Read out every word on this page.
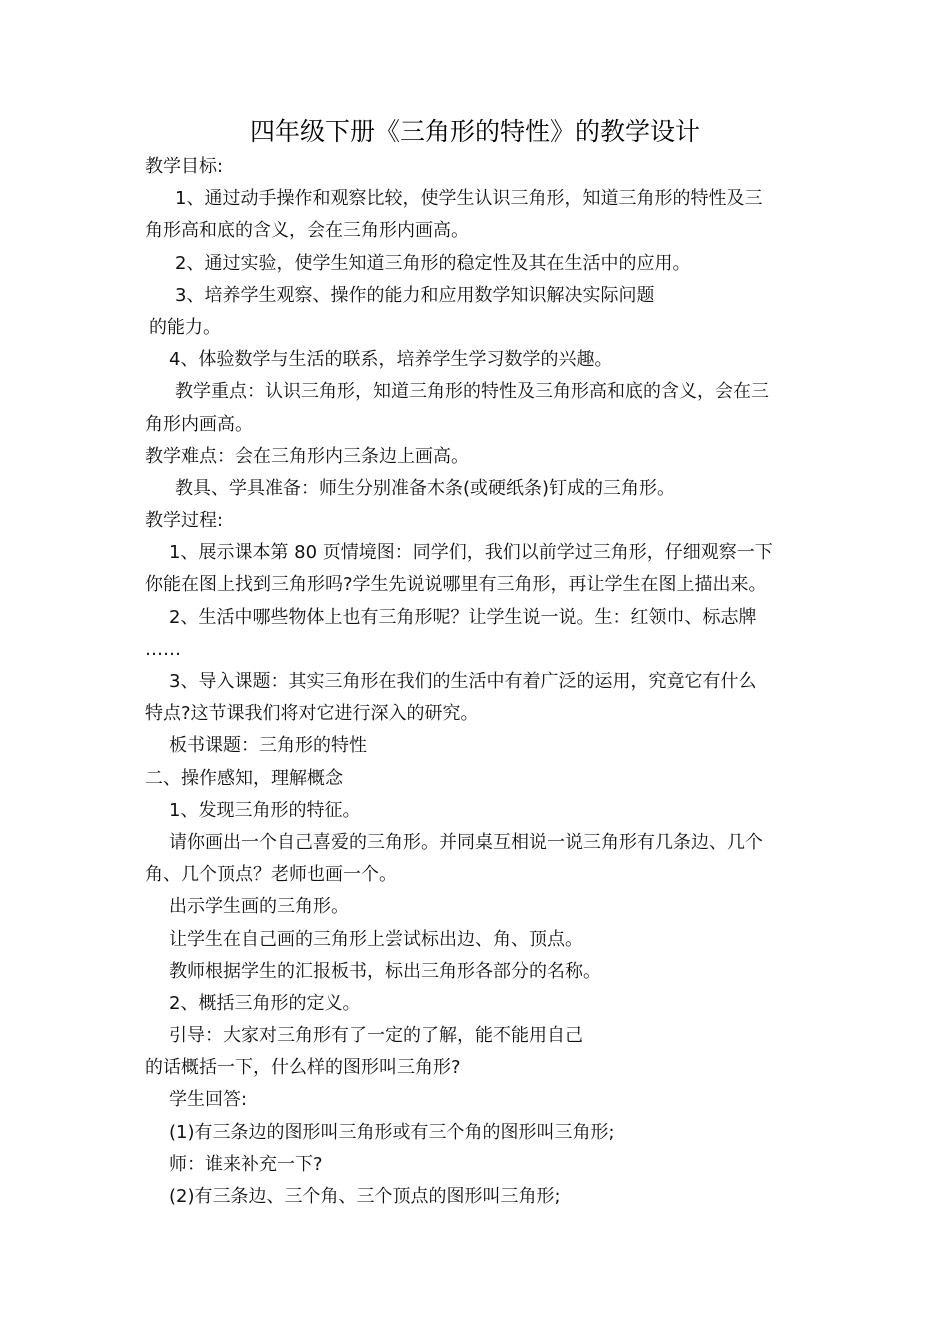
四年级下册《三角形的特性》的教学设计
教学目标:
1、通过动手操作和观察比较，使学生认识三角形，知道三角形的特性及三
角形高和底的含义，会在三角形内画高。
2、通过实验，使学生知道三角形的稳定性及其在生活中的应用。
3、培养学生观察、操作的能力和应用数学知识解决实际问题
的能力。
4、体验数学与生活的联系，培养学生学习数学的兴趣。
教学重点：认识三角形，知道三角形的特性及三角形高和底的含义，会在三
角形内画高。
教学难点：会在三角形内三条边上画高。
教具、学具准备：师生分别准备木条(或硬纸条)钉成的三角形。
教学过程:
1、展示课本第 80 页情境图：同学们，我们以前学过三角形，仔细观察一下
你能在图上找到三角形吗?学生先说说哪里有三角形，再让学生在图上描出来。
2、生活中哪些物体上也有三角形呢？让学生说一说。生：红领巾、标志牌
……
3、导入课题：其实三角形在我们的生活中有着广泛的运用，究竟它有什么
特点?这节课我们将对它进行深入的研究。
板书课题：三角形的特性
二、操作感知，理解概念
1、发现三角形的特征。
请你画出一个自己喜爱的三角形。并同桌互相说一说三角形有几条边、几个
角、几个顶点？老师也画一个。
出示学生画的三角形。
让学生在自己画的三角形上尝试标出边、角、顶点。
教师根据学生的汇报板书，标出三角形各部分的名称。
2、概括三角形的定义。
引导：大家对三角形有了一定的了解，能不能用自己
的话概括一下，什么样的图形叫三角形?
学生回答:
(1)有三条边的图形叫三角形或有三个角的图形叫三角形;
师：谁来补充一下?
(2)有三条边、三个角、三个顶点的图形叫三角形;
